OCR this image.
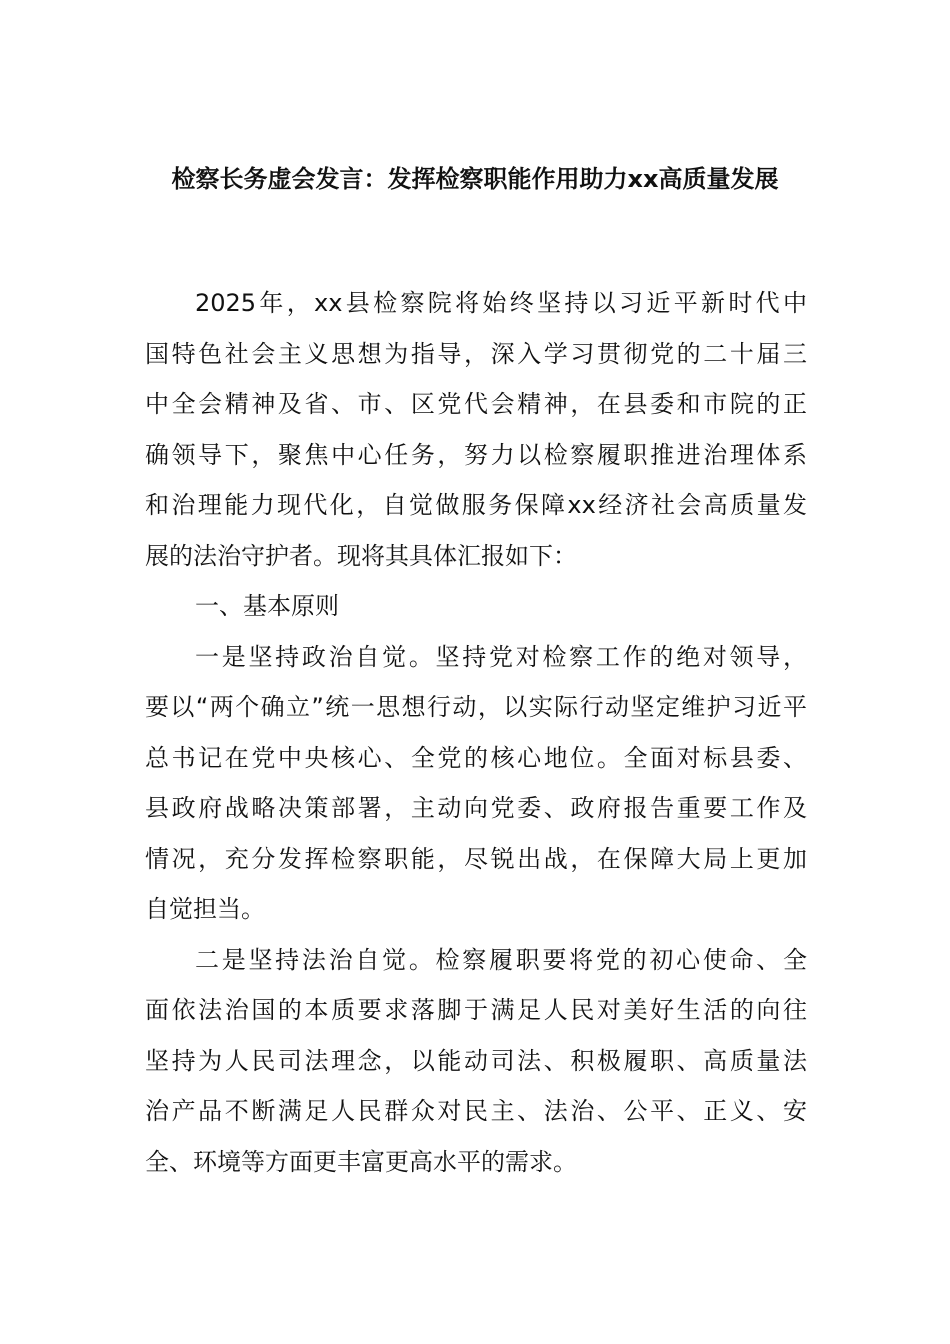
检察长务虚会发言：发挥检察职能作用助力xx高质量发展
2025年，xx县检察院将始终坚持以习近平新时代中
国特色社会主义思想为指导，深入学习贯彻党的二十届三
中全会精神及省、市、区党代会精神，在县委和市院的正
确领导下，聚焦中心任务，努力以检察履职推进治理体系
和治理能力现代化，自觉做服务保障xx经济社会高质量发
展的法治守护者。现将其具体汇报如下：
一、基本原则
一是坚持政治自觉。坚持党对检察工作的绝对领导，
要以“两个确立”统一思想行动，以实际行动坚定维护习近平
总书记在党中央核心、全党的核心地位。全面对标县委、
县政府战略决策部署，主动向党委、政府报告重要工作及
情况，充分发挥检察职能，尽锐出战，在保障大局上更加
自觉担当。
二是坚持法治自觉。检察履职要将党的初心使命、全
面依法治国的本质要求落脚于满足人民对美好生活的向往
坚持为人民司法理念，以能动司法、积极履职、高质量法
治产品不断满足人民群众对民主、法治、公平、正义、安
全、环境等方面更丰富更高水平的需求。
